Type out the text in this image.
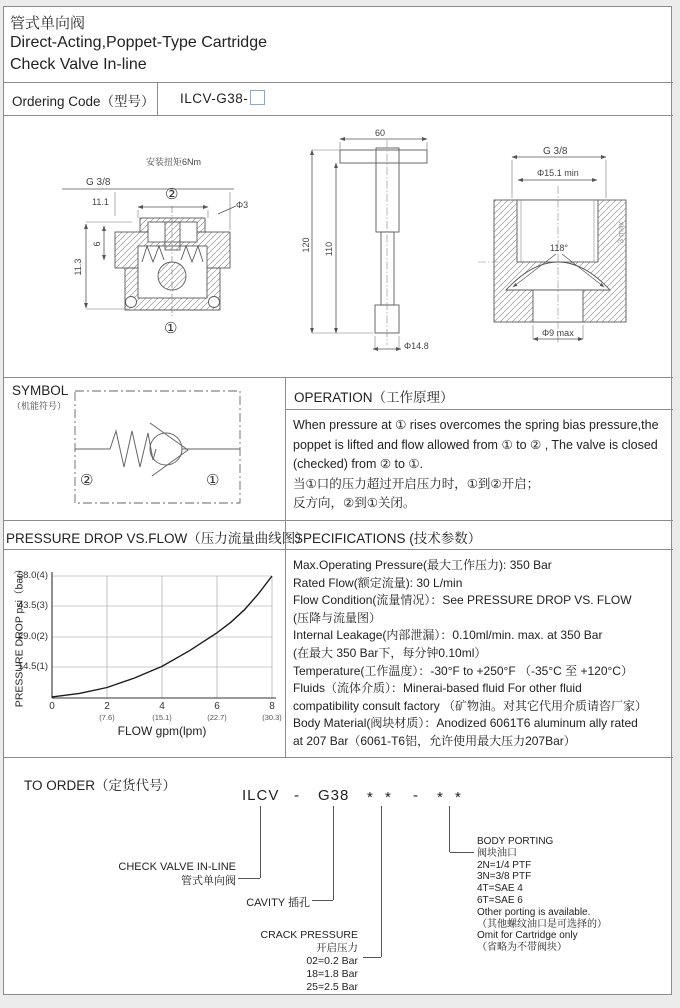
管式单向阀
Direct-Acting,Poppet-Type Cartridge
Check Valve In-line
Ordering Code（型号） ILCV-G38-
安装扭矩6Nm
G 3/8
②
11.1	Φ3
6
11.3
①
60
120 110
Φ14.8
G 3/8
Φ15.1 min
118°
3 max
Φ9 max
SYMBOL
（机能符号）
②	①
OPERATION（工作原理）
When pressure at ① rises overcomes the spring bias pressure,the
poppet is lifted and flow allowed from ① to ② , The valve is closed
(checked) from ② to ①.
当①口的压力超过开启压力时，①到②开启；
反方向，②到①关闭。
PRESSURE DROP VS.FLOW（压力流量曲线图）
SPECIFICATIONS (技术参数）
58.0(4)
43.5(3)
29.0(2)
14.5(1)
0	2	4	6	8
(7.6)	(15.1)	(22.7)	(30.3)
FLOW gpm(lpm)
PRESSURE DROP psi（bar）	Max.Operating Pressure(最大工作压力): 350 Bar
Rated Flow(额定流量): 30 L/min
Flow Condition(流量情况）：See PRESSURE DROP VS. FLOW
(压降与流量图）
Internal Leakage(内部泄漏）：0.10ml/min. max. at 350 Bar
(在最大 350 Bar下，每分钟0.10ml）
Temperature(工作温度）：-30°F to +250°F （-35°C 至 +120°C）
Fluids（流体介质）：Minerai-based fluid For other fluid
compatibility consult factory （矿物油。对其它代用介质请咨厂家）
Body Material(阀块材质）：Anodized 6061T6 aluminum ally rated
at 207 Bar（6061-T6铝，允许使用最大压力207Bar）
TO ORDER（定货代号）
ILCV - G38 * * - * *
CHECK VALVE IN-LINE
管式单向阀
CAVITY 插孔
CRACK PRESSURE
开启压力
02=0.2 Bar
18=1.8 Bar
25=2.5 Bar
BODY PORTING
阀块油口
2N=1/4 PTF
3N=3/8 PTF
4T=SAE 4
6T=SAE 6
Other porting is available.
（其他螺纹油口是可选择的）
Omit for Cartridge only
（省略为不带阀块）
